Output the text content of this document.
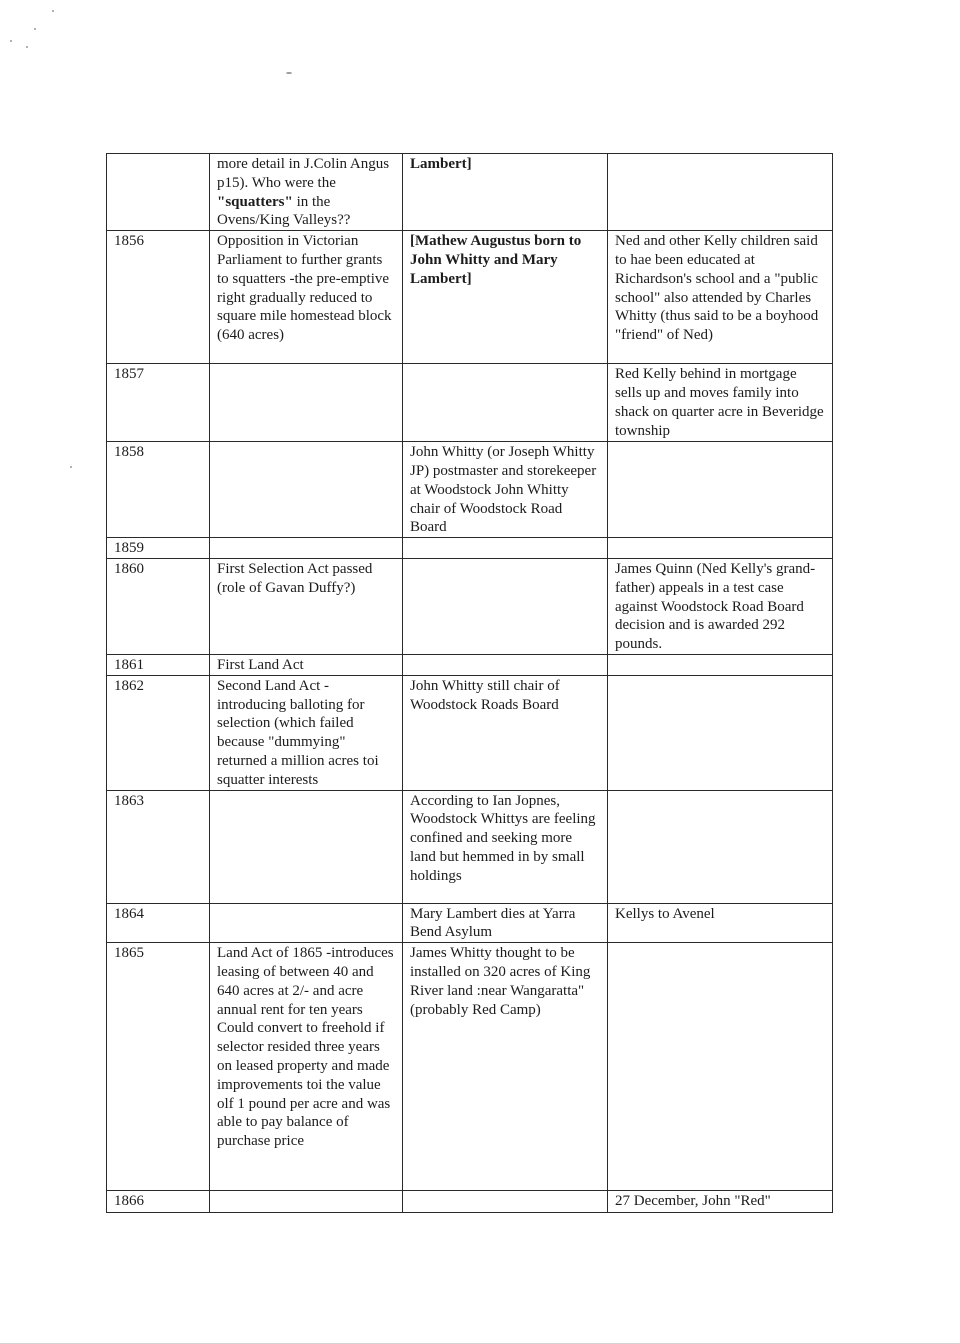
	more detail in J.Colin Angus p15). Who were the "squatters" in the Ovens/King Valleys??	Lambert]	
1856	Opposition in Victorian Parliament to further grants to squatters -the pre-emptive right gradually reduced to square mile homestead block (640 acres)	[Mathew Augustus born to John Whitty and Mary Lambert]	Ned and other Kelly children said to hae been educated at Richardson's school and a "public school" also attended by Charles Whitty (thus said to be a boyhood "friend" of Ned)
1857			Red Kelly behind in mortgage sells up and moves family into shack on quarter acre in Beveridge township
1858		John Whitty (or Joseph Whitty JP) postmaster and storekeeper at Woodstock John Whitty chair of Woodstock Road Board	
1859			
1860	First Selection Act passed (role of Gavan Duffy?)		James Quinn (Ned Kelly's grand-father) appeals in a test case against Woodstock Road Board decision and is awarded 292 pounds.
1861	First Land Act		
1862	Second Land Act - introducing balloting for selection (which failed because "dummying" returned a million acres toi squatter interests	John Whitty still chair of Woodstock Roads Board	
1863		According to Ian Jopnes, Woodstock Whittys are feeling confined and seeking more land but hemmed in by small holdings	
1864		Mary Lambert dies at Yarra Bend Asylum	Kellys to Avenel
1865	Land Act of 1865 -introduces leasing of between 40 and 640 acres at 2/- and acre annual rent for ten years Could convert to freehold if selector resided three years on leased property and made improvements toi the value olf 1 pound per acre and was able to pay balance of purchase price	James Whitty thought to be installed on 320 acres of King River land :near Wangaratta" (probably Red Camp)	
1866			27 December, John "Red"
